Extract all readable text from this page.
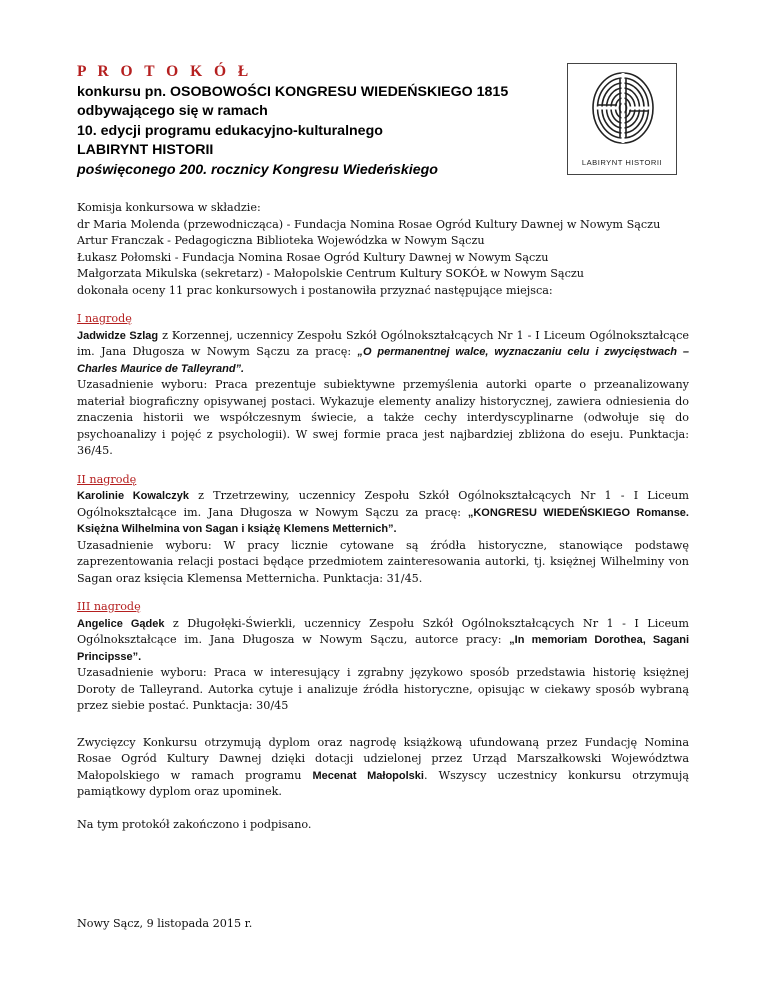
P R O T O K Ó Ł
konkursu pn. OSOBOWOŚCI KONGRESU WIEDEŃSKIEGO 1815
odbywającego się w ramach
10. edycji programu edukacyjno-kulturalnego
LABIRYNT HISTORII
poświęconego 200. rocznicy Kongresu Wiedeńskiego	LABIRYNT HISTORII

Komisja konkursowa w składzie:

dr Maria Molenda (przewodnicząca) - Fundacja Nomina Rosae Ogród Kultury Dawnej w Nowym Sączu

Artur Franczak - Pedagogiczna Biblioteka Wojewódzka w Nowym Sączu

Łukasz Połomski - Fundacja Nomina Rosae Ogród Kultury Dawnej w Nowym Sączu

Małgorzata Mikulska (sekretarz) - Małopolskie Centrum Kultury SOKÓŁ w Nowym Sączu

dokonała oceny 11 prac konkursowych i postanowiła przyznać następujące miejsca:

I nagrodę

Jadwidze Szlag z Korzennej, uczennicy Zespołu Szkół Ogólnokształcących Nr 1 - I Liceum Ogólnokształcące im. Jana Długosza w Nowym Sączu za pracę: „O permanentnej walce, wyznaczaniu celu i zwycięstwach – Charles Maurice de Talleyrand”.

Uzasadnienie wyboru: Praca prezentuje subiektywne przemyślenia autorki oparte o przeanalizowany materiał biograficzny opisywanej postaci. Wykazuje elementy analizy historycznej, zawiera odniesienia do znaczenia historii we współczesnym świecie, a także cechy interdyscyplinarne (odwołuje się do psychoanalizy i pojęć z psychologii). W swej formie praca jest najbardziej zbliżona do eseju. Punktacja: 36/45.

II nagrodę

Karolinie Kowalczyk z Trzetrzewiny, uczennicy Zespołu Szkół Ogólnokształcących Nr 1 - I Liceum Ogólnokształcące im. Jana Długosza w Nowym Sączu za pracę: „KONGRESU WIEDEŃSKIEGO Romanse. Księżna Wilhelmina von Sagan i książę Klemens Metternich”.

Uzasadnienie wyboru: W pracy licznie cytowane są źródła historyczne, stanowiące podstawę zaprezentowania relacji postaci będące przedmiotem zainteresowania autorki, tj. księżnej Wilhelminy von Sagan oraz księcia Klemensa Metternicha. Punktacja: 31/45.

III nagrodę

Angelice Gądek z Długołęki-Świerkli, uczennicy Zespołu Szkół Ogólnokształcących Nr 1 - I Liceum Ogólnokształcące im. Jana Długosza w Nowym Sączu, autorce pracy: „In memoriam Dorothea, Sagani Principsse”.

Uzasadnienie wyboru: Praca w interesujący i zgrabny językowo sposób przedstawia historię księżnej Doroty de Talleyrand. Autorka cytuje i analizuje źródła historyczne, opisując w ciekawy sposób wybraną przez siebie postać. Punktacja: 30/45

Zwycięzcy Konkursu otrzymują dyplom oraz nagrodę książkową ufundowaną przez Fundację Nomina Rosae Ogród Kultury Dawnej dzięki dotacji udzielonej przez Urząd Marszałkowski Województwa Małopolskiego w ramach programu Mecenat Małopolski. Wszyscy uczestnicy konkursu otrzymują pamiątkowy dyplom oraz upominek.

Na tym protokół zakończono i podpisano.

Nowy Sącz, 9 listopada 2015 r.
